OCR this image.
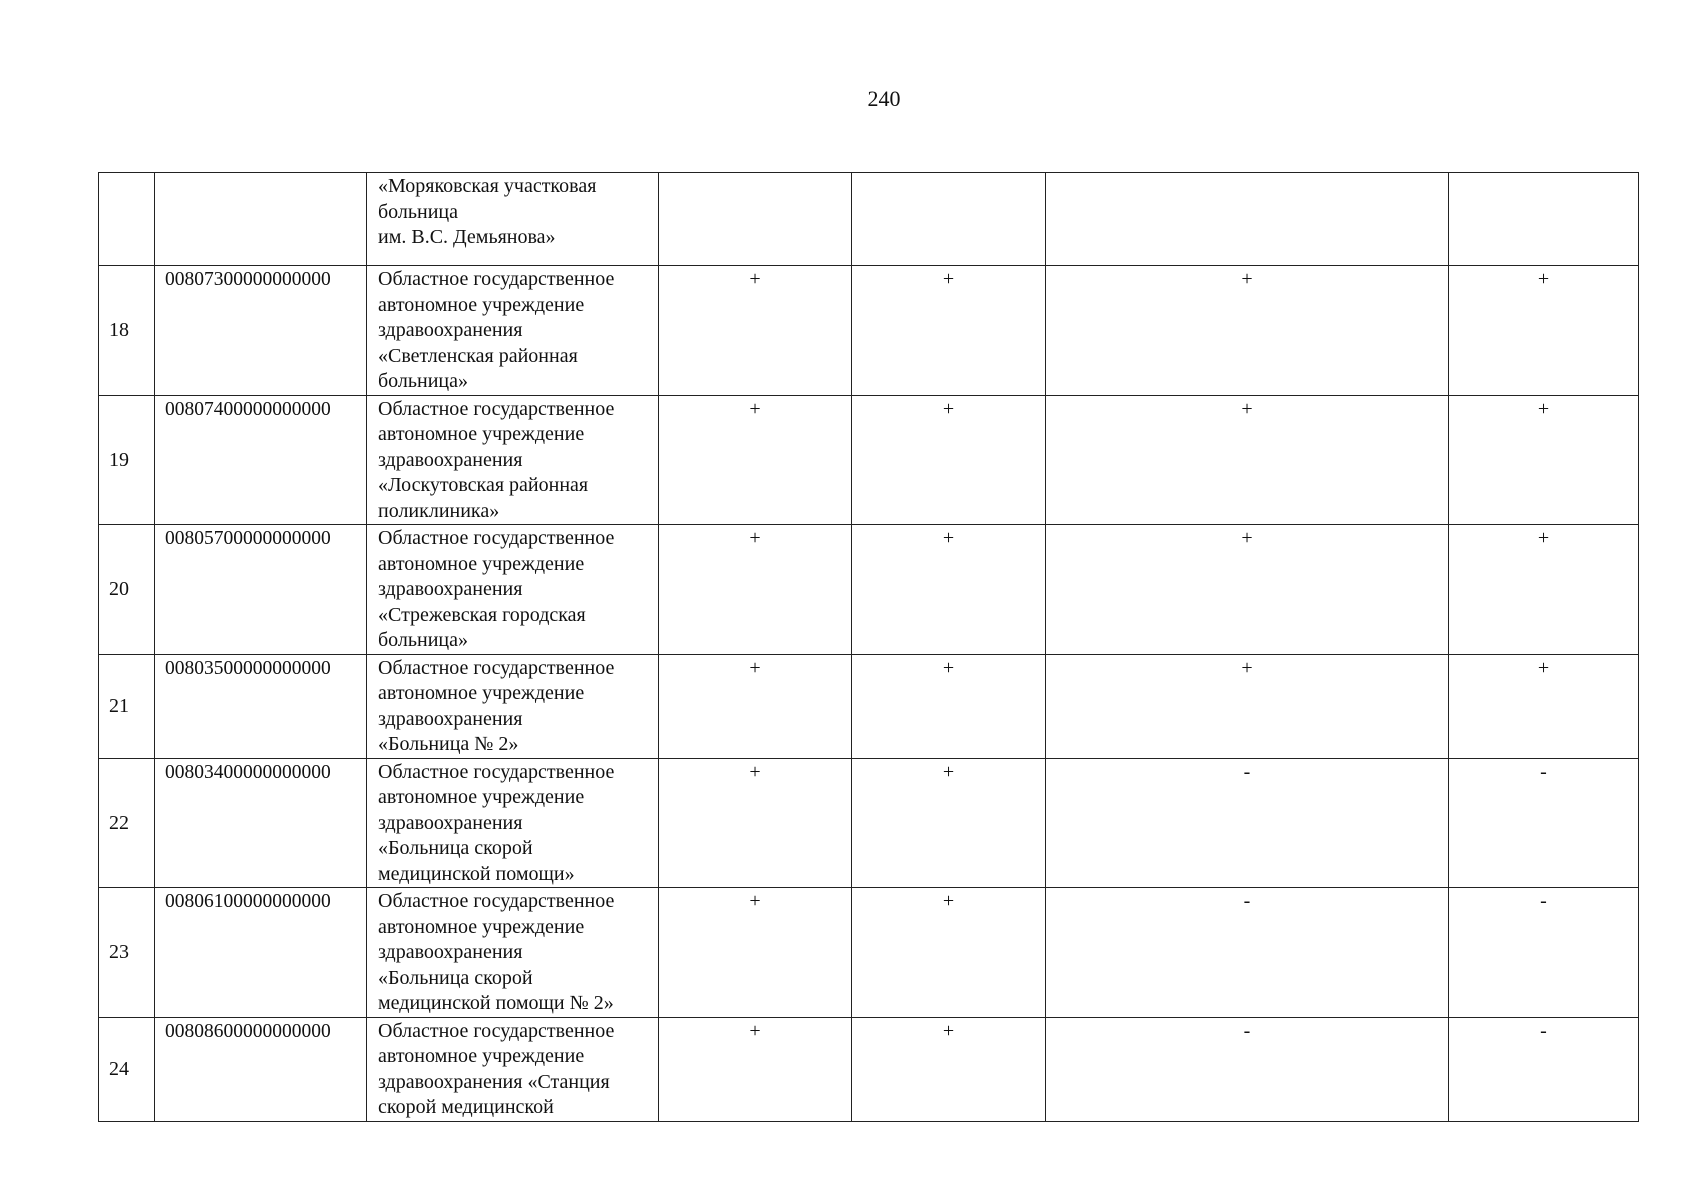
240
		«Моряковская участковая
больница
им. В.С. Демьянова»				
18	00807300000000000	Областное государственное
автономное учреждение
здравоохранения
«Светленская районная
больница»	+	+	+	+
19	00807400000000000	Областное государственное
автономное учреждение
здравоохранения
«Лоскутовская районная
поликлиника»	+	+	+	+
20	00805700000000000	Областное государственное
автономное учреждение
здравоохранения
«Стрежевская городская
больница»	+	+	+	+
21	00803500000000000	Областное государственное
автономное учреждение
здравоохранения
«Больница № 2»	+	+	+	+
22	00803400000000000	Областное государственное
автономное учреждение
здравоохранения
«Больница скорой
медицинской помощи»	+	+	-	-
23	00806100000000000	Областное государственное
автономное учреждение
здравоохранения
«Больница скорой
медицинской помощи № 2»	+	+	-	-
24	00808600000000000	Областное государственное
автономное учреждение
здравоохранения «Станция
скорой медицинской	+	+	-	-
